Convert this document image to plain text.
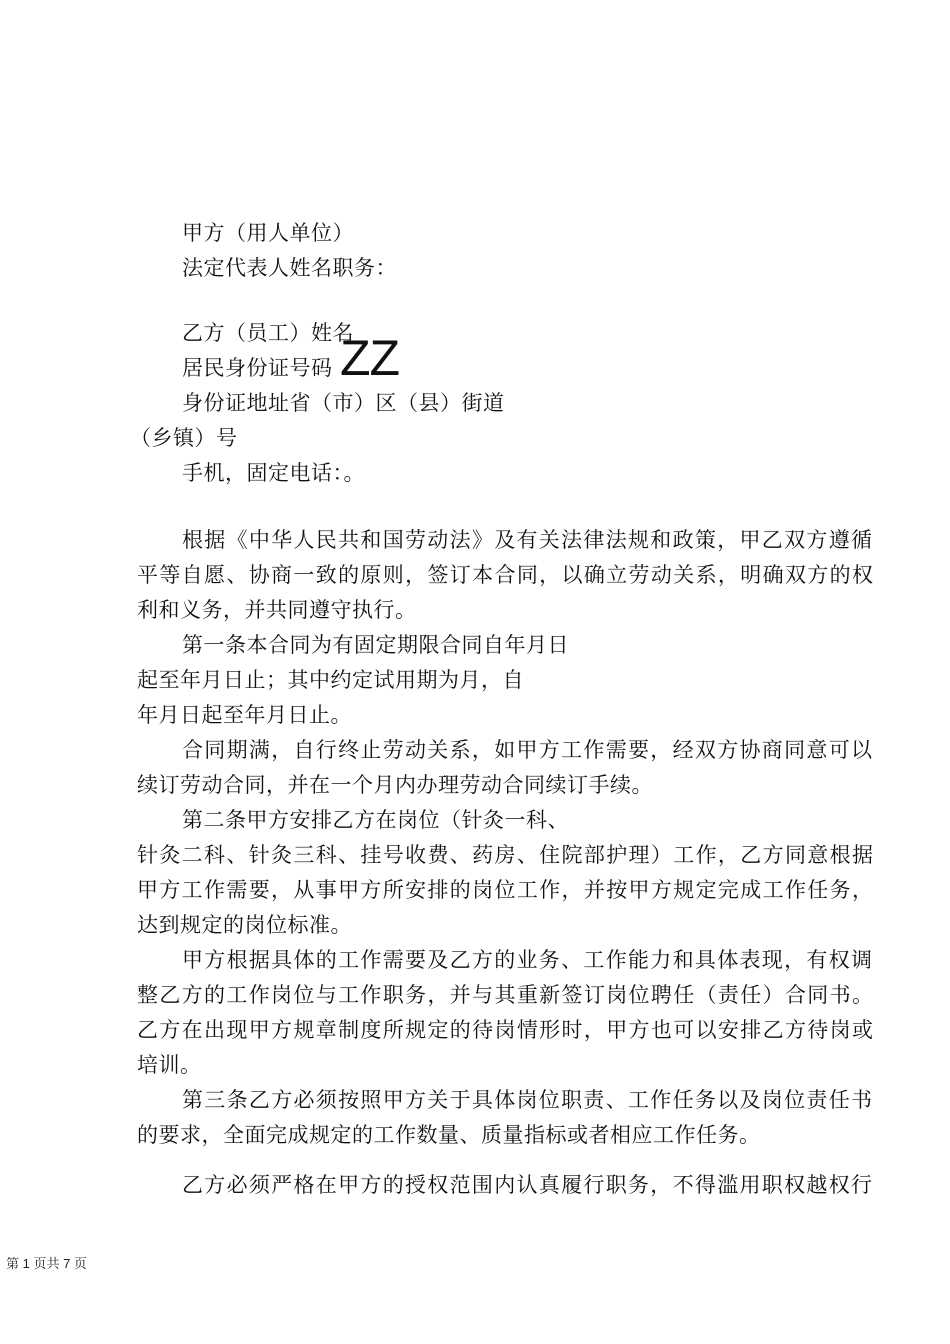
甲方（用人单位）
法定代表人姓名职务：
乙方（员工）姓名
ZZ
居民身份证号码
身份证地址省（市）区（县）街道
（乡镇）号
手机，固定电话：。
根据《中华人民共和国劳动法》及有关法律法规和政策，甲乙双方遵循
平等自愿、协商一致的原则，签订本合同，以确立劳动关系，明确双方的权
利和义务，并共同遵守执行。
第一条本合同为有固定期限合同自年月日
起至年月日止；其中约定试用期为月，自
年月日起至年月日止。
合同期满，自行终止劳动关系，如甲方工作需要，经双方协商同意可以
续订劳动合同，并在一个月内办理劳动合同续订手续。
第二条甲方安排乙方在岗位（针灸一科、
针灸二科、针灸三科、挂号收费、药房、住院部护理）工作，乙方同意根据
甲方工作需要，从事甲方所安排的岗位工作，并按甲方规定完成工作任务，
达到规定的岗位标准。
甲方根据具体的工作需要及乙方的业务、工作能力和具体表现，有权调
整乙方的工作岗位与工作职务，并与其重新签订岗位聘任（责任）合同书。
乙方在出现甲方规章制度所规定的待岗情形时，甲方也可以安排乙方待岗或
培训。
第三条乙方必须按照甲方关于具体岗位职责、工作任务以及岗位责任书
的要求，全面完成规定的工作数量、质量指标或者相应工作任务。
乙方必须严格在甲方的授权范围内认真履行职务，不得滥用职权越权行
第 1 页共 7 页
